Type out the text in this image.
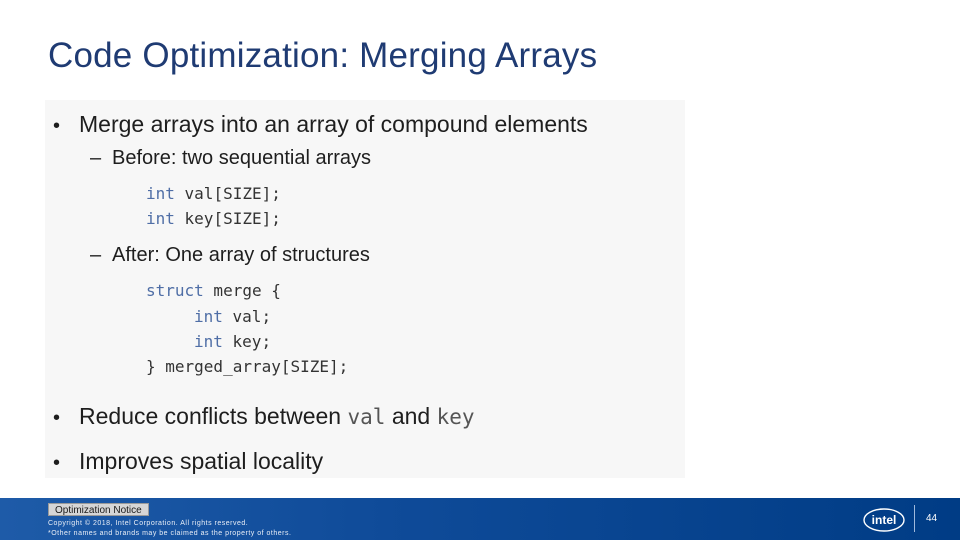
Code Optimization: Merging Arrays
• Merge arrays into an array of compound elements
– Before: two sequential arrays
int val[SIZE];
int key[SIZE];
– After: One array of structures
struct merge {
int val;
int key;
} merged_array[SIZE];
• Reduce conflicts between val and key
• Improves spatial locality
Optimization Notice
Copyright © 2018, Intel Corporation. All rights reserved.
*Other names and brands may be claimed as the property of others.
intel	44
